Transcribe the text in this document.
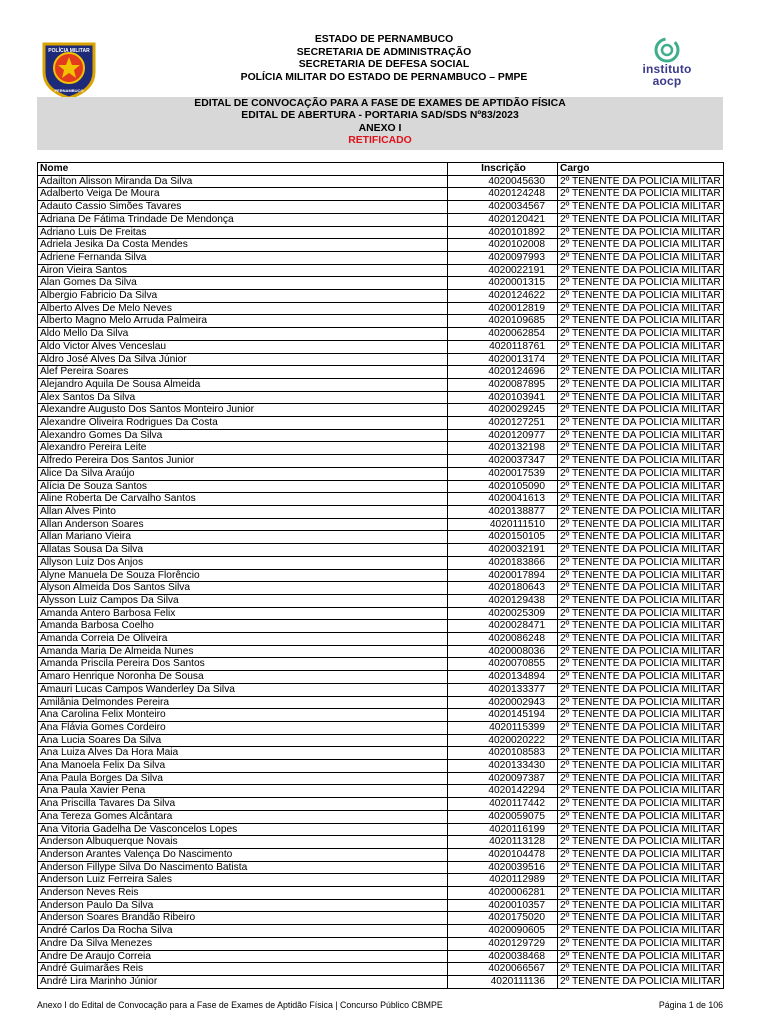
POLÍCIA MILITAR
PERNAMBUCO
ESTADO DE PERNAMBUCO
SECRETARIA DE ADMINISTRAÇÃO
SECRETARIA DE DEFESA SOCIAL
POLÍCIA MILITAR DO ESTADO DE PERNAMBUCO – PMPE
instituto
aocp
EDITAL DE CONVOCAÇÃO PARA A FASE DE EXAMES DE APTIDÃO FÍSICA
EDITAL DE ABERTURA - PORTARIA SAD/SDS Nº83/2023
ANEXO I
RETIFICADO
Nome	Inscrição	Cargo
Adailton Alisson Miranda Da Silva	4020045630	2º TENENTE DA POLÍCIA MILITAR
Adalberto Veiga De Moura	4020124248	2º TENENTE DA POLÍCIA MILITAR
Adauto Cassio Simões Tavares	4020034567	2º TENENTE DA POLÍCIA MILITAR
Adriana De Fátima Trindade De Mendonça	4020120421	2º TENENTE DA POLÍCIA MILITAR
Adriano Luis De Freitas	4020101892	2º TENENTE DA POLÍCIA MILITAR
Adriela Jesika Da Costa Mendes	4020102008	2º TENENTE DA POLÍCIA MILITAR
Adriene Fernanda Silva	4020097993	2º TENENTE DA POLÍCIA MILITAR
Airon Vieira Santos	4020022191	2º TENENTE DA POLÍCIA MILITAR
Alan Gomes Da Silva	4020001315	2º TENENTE DA POLÍCIA MILITAR
Albergio Fabricio Da Silva	4020124622	2º TENENTE DA POLÍCIA MILITAR
Alberto Alves De Melo Neves	4020012819	2º TENENTE DA POLÍCIA MILITAR
Alberto Magno Melo Arruda Palmeira	4020109685	2º TENENTE DA POLÍCIA MILITAR
Aldo Mello Da Silva	4020062854	2º TENENTE DA POLÍCIA MILITAR
Aldo Victor Alves Venceslau	4020118761	2º TENENTE DA POLÍCIA MILITAR
Aldro José Alves Da Silva Júnior	4020013174	2º TENENTE DA POLÍCIA MILITAR
Alef Pereira Soares	4020124696	2º TENENTE DA POLÍCIA MILITAR
Alejandro Aquila De Sousa Almeida	4020087895	2º TENENTE DA POLÍCIA MILITAR
Alex Santos Da Silva	4020103941	2º TENENTE DA POLÍCIA MILITAR
Alexandre Augusto Dos Santos Monteiro Junior	4020029245	2º TENENTE DA POLÍCIA MILITAR
Alexandre Oliveira Rodrigues Da Costa	4020127251	2º TENENTE DA POLÍCIA MILITAR
Alexandro Gomes Da Silva	4020120977	2º TENENTE DA POLÍCIA MILITAR
Alexandro Pereira Leite	4020132198	2º TENENTE DA POLÍCIA MILITAR
Alfredo Pereira Dos Santos Junior	4020037347	2º TENENTE DA POLÍCIA MILITAR
Alice Da Silva Araújo	4020017539	2º TENENTE DA POLÍCIA MILITAR
Alícia De Souza Santos	4020105090	2º TENENTE DA POLÍCIA MILITAR
Aline Roberta De Carvalho Santos	4020041613	2º TENENTE DA POLÍCIA MILITAR
Allan Alves Pinto	4020138877	2º TENENTE DA POLÍCIA MILITAR
Allan Anderson Soares	4020111510	2º TENENTE DA POLÍCIA MILITAR
Allan Mariano Vieira	4020150105	2º TENENTE DA POLÍCIA MILITAR
Allatas Sousa Da Silva	4020032191	2º TENENTE DA POLÍCIA MILITAR
Allyson Luiz Dos Anjos	4020183866	2º TENENTE DA POLÍCIA MILITAR
Alyne Manuela De Souza Florêncio	4020017894	2º TENENTE DA POLÍCIA MILITAR
Alyson Almeida Dos Santos Silva	4020180643	2º TENENTE DA POLÍCIA MILITAR
Alysson Luiz Campos Da Silva	4020129438	2º TENENTE DA POLÍCIA MILITAR
Amanda Antero Barbosa Felix	4020025309	2º TENENTE DA POLÍCIA MILITAR
Amanda Barbosa Coelho	4020028471	2º TENENTE DA POLÍCIA MILITAR
Amanda Correia De Oliveira	4020086248	2º TENENTE DA POLÍCIA MILITAR
Amanda Maria De Almeida Nunes	4020008036	2º TENENTE DA POLÍCIA MILITAR
Amanda Priscila Pereira Dos Santos	4020070855	2º TENENTE DA POLÍCIA MILITAR
Amaro Henrique Noronha De Sousa	4020134894	2º TENENTE DA POLÍCIA MILITAR
Amauri Lucas Campos Wanderley Da Silva	4020133377	2º TENENTE DA POLÍCIA MILITAR
Amilânia Delmondes Pereira	4020002943	2º TENENTE DA POLÍCIA MILITAR
Ana Carolina Felix Monteiro	4020145194	2º TENENTE DA POLÍCIA MILITAR
Ana Flávia Gomes Cordeiro	4020115399	2º TENENTE DA POLÍCIA MILITAR
Ana Lucia Soares Da Silva	4020020222	2º TENENTE DA POLÍCIA MILITAR
Ana Luiza Alves Da Hora Maia	4020108583	2º TENENTE DA POLÍCIA MILITAR
Ana Manoela Felix Da Silva	4020133430	2º TENENTE DA POLÍCIA MILITAR
Ana Paula Borges Da Silva	4020097387	2º TENENTE DA POLÍCIA MILITAR
Ana Paula Xavier Pena	4020142294	2º TENENTE DA POLÍCIA MILITAR
Ana Priscilla Tavares Da Silva	4020117442	2º TENENTE DA POLÍCIA MILITAR
Ana Tereza Gomes Alcântara	4020059075	2º TENENTE DA POLÍCIA MILITAR
Ana Vitoria Gadelha De Vasconcelos Lopes	4020116199	2º TENENTE DA POLÍCIA MILITAR
Anderson Albuquerque Novais	4020113128	2º TENENTE DA POLÍCIA MILITAR
Anderson Arantes Valença Do Nascimento	4020104478	2º TENENTE DA POLÍCIA MILITAR
Anderson Fillype Silva Do Nascimento Batista	4020039516	2º TENENTE DA POLÍCIA MILITAR
Anderson Luiz Ferreira Sales	4020112989	2º TENENTE DA POLÍCIA MILITAR
Anderson Neves Reis	4020006281	2º TENENTE DA POLÍCIA MILITAR
Anderson Paulo Da Silva	4020010357	2º TENENTE DA POLÍCIA MILITAR
Anderson Soares Brandão Ribeiro	4020175020	2º TENENTE DA POLÍCIA MILITAR
André Carlos Da Rocha Silva	4020090605	2º TENENTE DA POLÍCIA MILITAR
Andre Da Silva Menezes	4020129729	2º TENENTE DA POLÍCIA MILITAR
Andre De Araujo Correia	4020038468	2º TENENTE DA POLÍCIA MILITAR
André Guimarães Reis	4020066567	2º TENENTE DA POLÍCIA MILITAR
André Lira Marinho Júnior	4020111136	2º TENENTE DA POLÍCIA MILITAR
Anexo I do Edital de Convocação para a Fase de Exames de Aptidão Física | Concurso Público CBMPE	Página 1 de 106
